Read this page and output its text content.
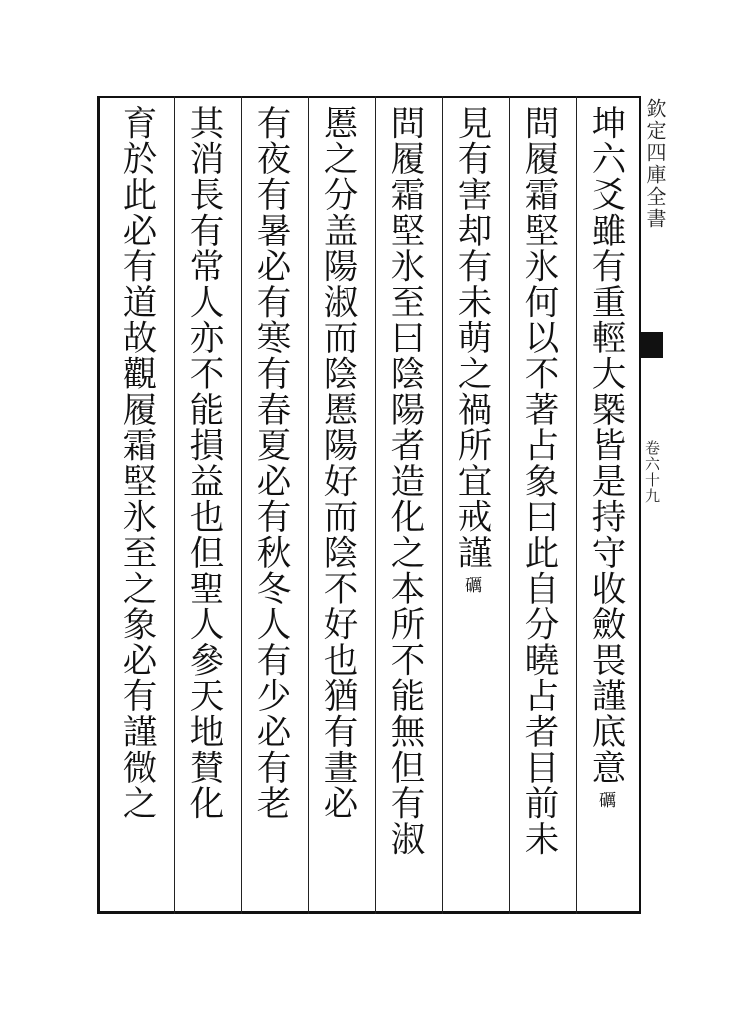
欽定四庫全書
卷六十九
坤六爻雖有重輕大槩皆是持守收斂畏謹底意礪
問履霜堅氷何以不著占象曰此自分曉占者目前未
見有害却有未萌之禍所宜戒謹礪
問履霜堅氷至曰陰陽者造化之本所不能無但有淑
慝之分盖陽淑而陰慝陽好而陰不好也猶有晝必
有夜有暑必有寒有春夏必有秋冬人有少必有老
其消長有常人亦不能損益也但聖人參天地賛化
育於此必有道故觀履霜堅氷至之象必有謹微之
